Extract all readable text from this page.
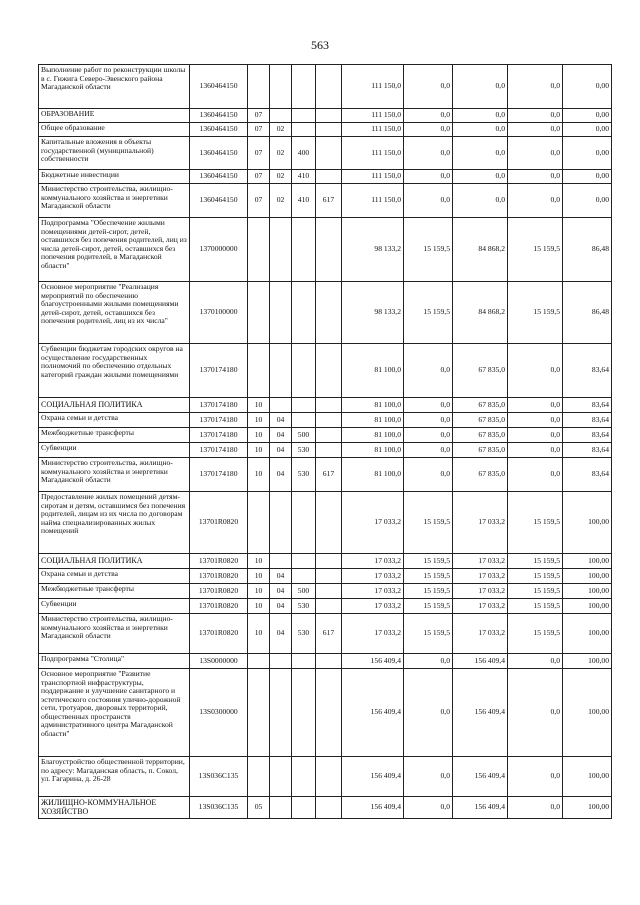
563
Выполнение работ по реконструкции школы в с. Гижига Северо-Эвенского района Магаданской области	1360464150					111 150,0	0,0	0,0	0,0	0,00
ОБРАЗОВАНИЕ	1360464150	07				111 150,0	0,0	0,0	0,0	0,00
Общее образование	1360464150	07	02			111 150,0	0,0	0,0	0,0	0,00
Капитальные вложения в объекты государственной (муниципальной) собственности	1360464150	07	02	400		111 150,0	0,0	0,0	0,0	0,00
Бюджетные инвестиции	1360464150	07	02	410		111 150,0	0,0	0,0	0,0	0,00
Министерство строительства, жилищно-коммунального хозяйства и энергетики Магаданской области	1360464150	07	02	410	617	111 150,0	0,0	0,0	0,0	0,00
Подпрограмма "Обеспечение жилыми помещениями детей-сирот, детей, оставшихся без попечения родителей, лиц из числа детей-сирот, детей, оставшихся без попечения родителей, в Магаданской области"	1370000000					98 133,2	15 159,5	84 868,2	15 159,5	86,48
Основное мероприятие "Реализация мероприятий по обеспечению благоустроенными жилыми помещениями детей-сирот, детей, оставшихся без попечения родителей, лиц из их числа"	1370100000					98 133,2	15 159,5	84 868,2	15 159,5	86,48
Субвенции бюджетам городских округов на осуществление государственных полномочий по обеспечению отдельных категорий граждан жилыми помещениями	1370174180					81 100,0	0,0	67 835,0	0,0	83,64
СОЦИАЛЬНАЯ ПОЛИТИКА	1370174180	10				81 100,0	0,0	67 835,0	0,0	83,64
Охрана семьи и детства	1370174180	10	04			81 100,0	0,0	67 835,0	0,0	83,64
Межбюджетные трансферты	1370174180	10	04	500		81 100,0	0,0	67 835,0	0,0	83,64
Субвенции	1370174180	10	04	530		81 100,0	0,0	67 835,0	0,0	83,64
Министерство строительства, жилищно-коммунального хозяйства и энергетики Магаданской области	1370174180	10	04	530	617	81 100,0	0,0	67 835,0	0,0	83,64
Предоставление жилых помещений детям-сиротам и детям, оставшимся без попечения родителей, лицам из их числа по договорам найма специализированных жилых помещений	13701R0820					17 033,2	15 159,5	17 033,2	15 159,5	100,00
СОЦИАЛЬНАЯ ПОЛИТИКА	13701R0820	10				17 033,2	15 159,5	17 033,2	15 159,5	100,00
Охрана семьи и детства	13701R0820	10	04			17 033,2	15 159,5	17 033,2	15 159,5	100,00
Межбюджетные трансферты	13701R0820	10	04	500		17 033,2	15 159,5	17 033,2	15 159,5	100,00
Субвенции	13701R0820	10	04	530		17 033,2	15 159,5	17 033,2	15 159,5	100,00
Министерство строительства, жилищно-коммунального хозяйства и энергетики Магаданской области	13701R0820	10	04	530	617	17 033,2	15 159,5	17 033,2	15 159,5	100,00
Подпрограмма "Столица"	13S0000000					156 409,4	0,0	156 409,4	0,0	100,00
Основное мероприятие "Развитие транспортной инфраструктуры, поддержание и улучшение санитарного и эстетического состояния улично-дорожной сети, тротуаров, дворовых территорий, общественных пространств административного центра Магаданской области"	13S0300000					156 409,4	0,0	156 409,4	0,0	100,00
Благоустройство общественной территории, по адресу: Магаданская область, п. Сокол, ул. Гагарина, д. 26-28	13S036C135					156 409,4	0,0	156 409,4	0,0	100,00
ЖИЛИЩНО-КОММУНАЛЬНОЕ ХОЗЯЙСТВО	13S036C135	05				156 409,4	0,0	156 409,4	0,0	100,00
